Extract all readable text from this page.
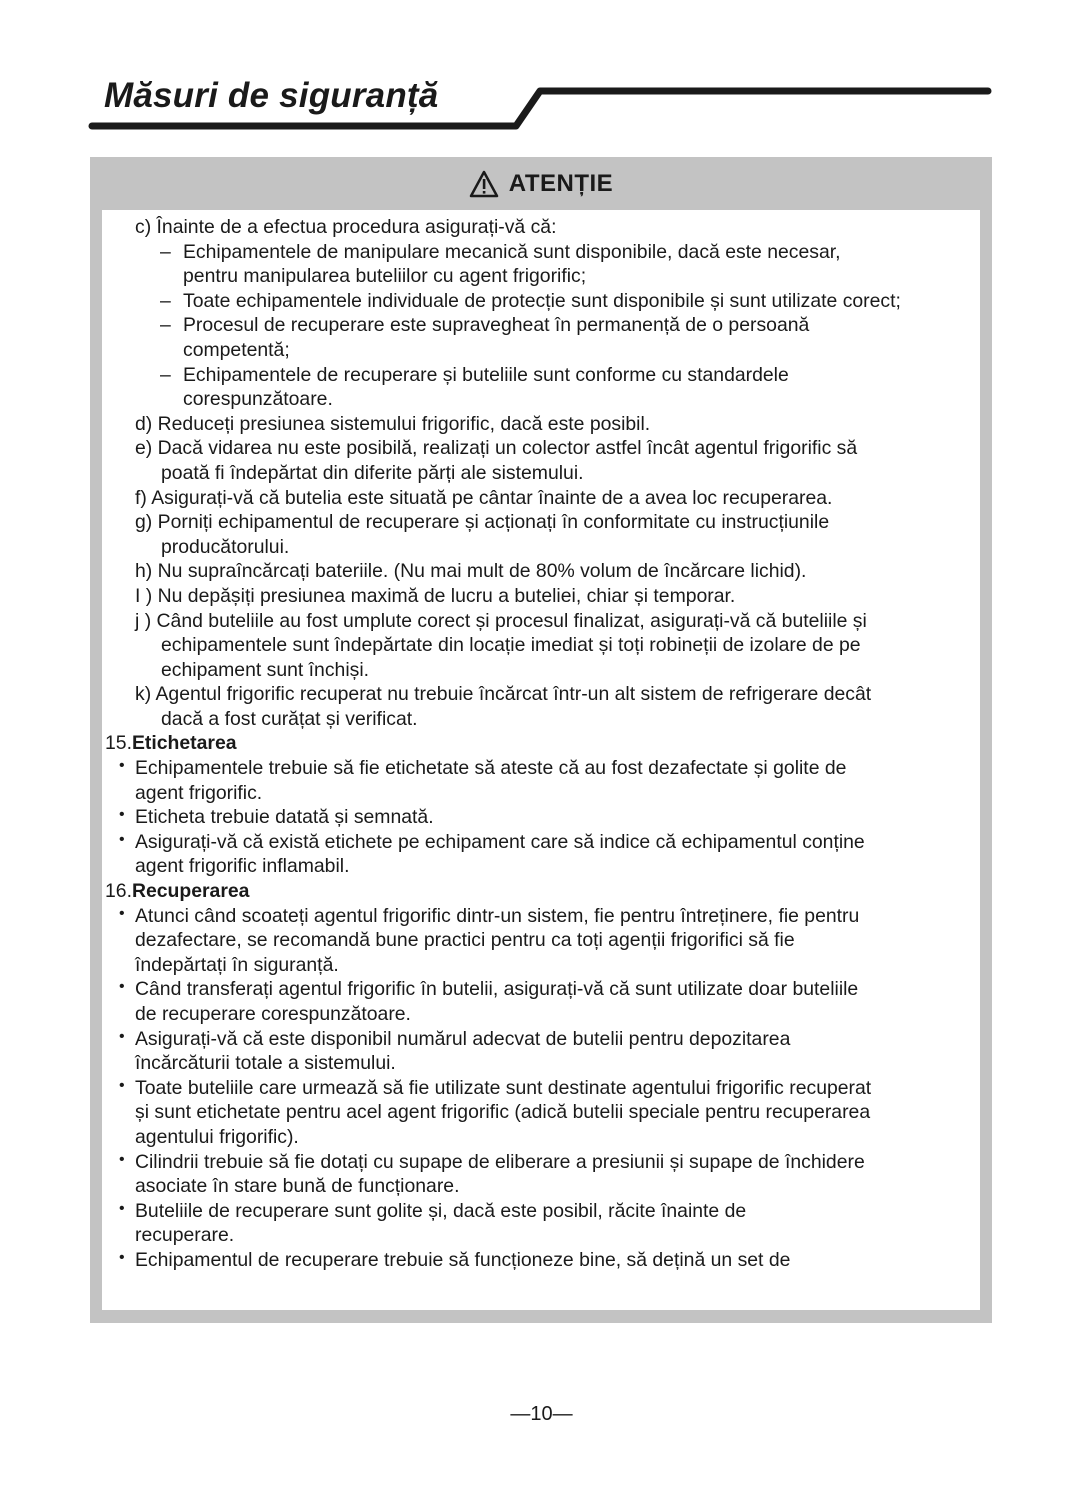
Măsuri de siguranță
ATENȚIE
c) Înainte de a efectua procedura asigurați-vă că:
– Echipamentele de manipulare mecanică sunt disponibile, dacă este necesar,
pentru manipularea buteliilor cu agent frigorific;
– Toate echipamentele individuale de protecție sunt disponibile și sunt utilizate corect;
– Procesul de recuperare este supravegheat în permanență de o persoană
competentă;
– Echipamentele de recuperare și buteliile sunt conforme cu standardele
corespunzătoare.
d) Reduceți presiunea sistemului frigorific, dacă este posibil.
e) Dacă vidarea nu este posibilă, realizați un colector astfel încât agentul frigorific să
poată fi îndepărtat din diferite părți ale sistemului.
f) Asigurați-vă că butelia este situată pe cântar înainte de a avea loc recuperarea.
g) Porniți echipamentul de recuperare și acționați în conformitate cu instrucțiunile
producătorului.
h) Nu supraîncărcați bateriile. (Nu mai mult de 80% volum de încărcare lichid).
I ) Nu depășiți presiunea maximă de lucru a buteliei, chiar și temporar.
j ) Când buteliile au fost umplute corect și procesul finalizat, asigurați-vă că buteliile și
echipamentele sunt îndepărtate din locație imediat și toți robineții de izolare de pe
echipament sunt închiși.
k) Agentul frigorific recuperat nu trebuie încărcat într-un alt sistem de refrigerare decât
dacă a fost curățat și verificat.
15.Etichetarea
• Echipamentele trebuie să fie etichetate să ateste că au fost dezafectate și golite de
agent frigorific.
• Eticheta trebuie datată și semnată.
• Asigurați-vă că există etichete pe echipament care să indice că echipamentul conține
agent frigorific inflamabil.
16.Recuperarea
• Atunci când scoateți agentul frigorific dintr-un sistem, fie pentru întreținere, fie pentru
dezafectare, se recomandă bune practici pentru ca toți agenții frigorifici să fie
îndepărtați în siguranță.
• Când transferați agentul frigorific în butelii, asigurați-vă că sunt utilizate doar buteliile
de recuperare corespunzătoare.
• Asigurați-vă că este disponibil numărul adecvat de butelii pentru depozitarea
încărcăturii totale a sistemului.
• Toate buteliile care urmează să fie utilizate sunt destinate agentului frigorific recuperat
și sunt etichetate pentru acel agent frigorific (adică butelii speciale pentru recuperarea
agentului frigorific).
• Cilindrii trebuie să fie dotați cu supape de eliberare a presiunii și supape de închidere
asociate în stare bună de funcționare.
• Buteliile de recuperare sunt golite și, dacă este posibil, răcite înainte de
recuperare.
• Echipamentul de recuperare trebuie să funcționeze bine, să dețină un set de
—10—
